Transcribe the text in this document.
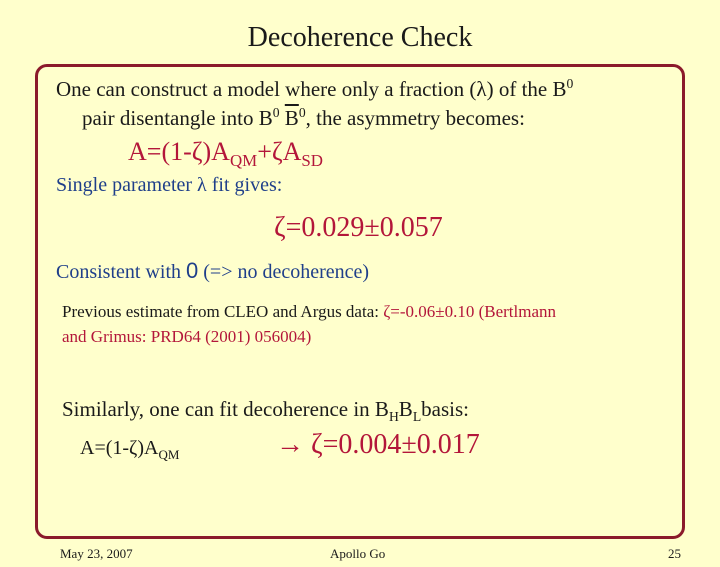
Decoherence Check
One can construct a model where only a fraction (λ) of the $B^0$
pair disentangle into $B^0$ $\overline{B}^0$, the asymmetry becomes:
$A=(1-\zeta)A_{QM}+\zeta A_{SD}$
Single parameter λ fit gives:
ζ=0.029±0.057
Consistent with 0 (=> no decoherence)
Previous estimate from CLEO and Argus data: ζ=-0.06±0.10 (Bertlmann
and Grimus: PRD64 (2001) 056004)
Similarly, one can fit decoherence in $B_HB_Lbasis$:
$A=(1-\zeta)A_{QM}$	→ ζ=0.004±0.017
May 23, 2007	Apollo Go	25
